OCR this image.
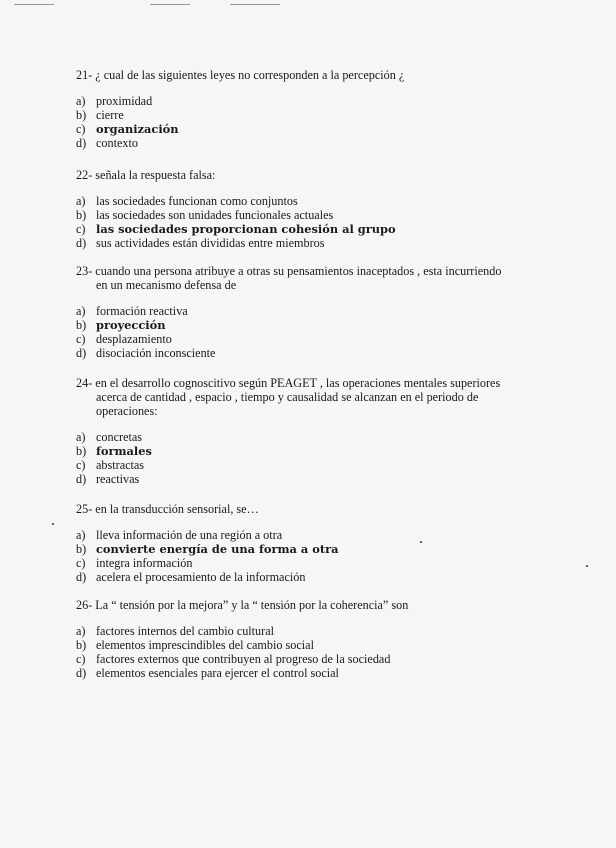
21- ¿ cual de las siguientes leyes no corresponden a la percepción ¿
a) proximidad
b) cierre
c) organización
d) contexto
22- señala la respuesta falsa:
a) las sociedades funcionan como conjuntos
b) las sociedades son unidades funcionales actuales
c) las sociedades proporcionan cohesión al grupo
d) sus actividades están divididas entre miembros
23- cuando una persona atribuye a otras su pensamientos inaceptados , esta incurriendo
en un mecanismo defensa de
a) formación reactiva
b) proyección
c) desplazamiento
d) disociación inconsciente
24- en el desarrollo cognoscitivo según PEAGET , las operaciones mentales superiores
acerca de cantidad , espacio , tiempo y causalidad se alcanzan en el periodo de operaciones:
a) concretas
b) formales
c) abstractas
d) reactivas
25- en la transducción sensorial, se…
a) lleva información de una región a otra
b) convierte energía de una forma a otra
c) integra información
d) acelera el procesamiento de la información
26- La “ tensión por la mejora” y la “ tensión por la coherencia” son
a) factores internos del cambio cultural
b) elementos imprescindibles del cambio social
c) factores externos que contribuyen al progreso de la sociedad
d) elementos esenciales para ejercer el control social
